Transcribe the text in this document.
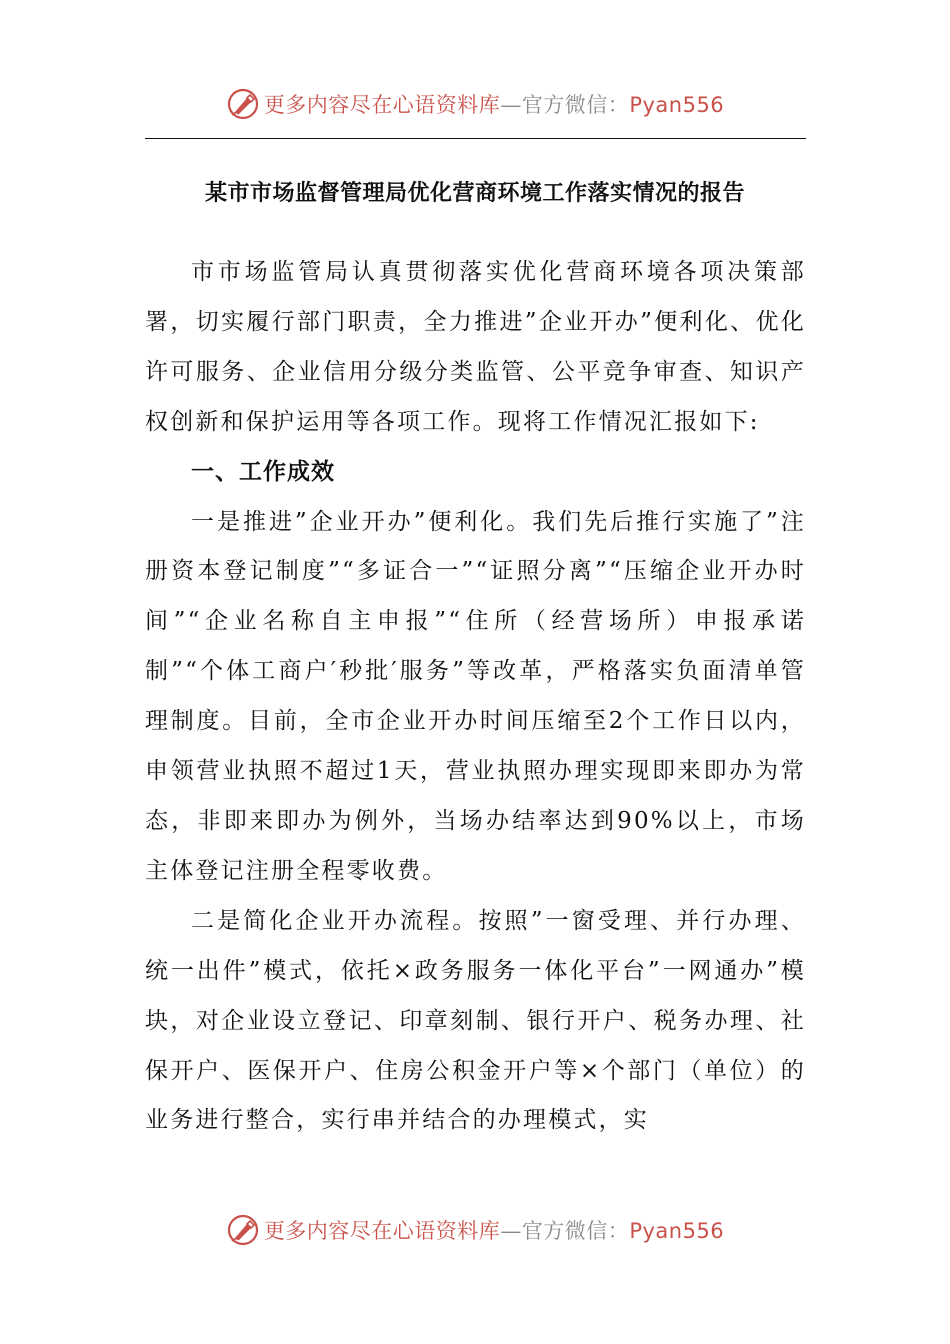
更多内容尽在心语资料库—官方微信：Pyan556
某市市场监督管理局优化营商环境工作落实情况的报告

市市场监管局认真贯彻落实优化营商环境各项决策部署，切实履行部门职责，全力推进”企业开办”便利化、优化许可服务、企业信用分级分类监管、公平竞争审查、知识产权创新和保护运用等各项工作。现将工作情况汇报如下:

一、工作成效

一是推进”企业开办”便利化。我们先后推行实施了”注册资本登记制度”“多证合一”“证照分离”“压缩企业开办时间”“企业名称自主申报”“住所（经营场所）申报承诺制”“个体工商户′秒批′服务”等改革，严格落实负面清单管理制度。目前，全市企业开办时间压缩至2个工作日以内，申领营业执照不超过1天，营业执照办理实现即来即办为常态，非即来即办为例外，当场办结率达到90%以上，市场主体登记注册全程零收费。

二是简化企业开办流程。按照”一窗受理、并行办理、统一出件”模式，依托×政务服务一体化平台”一网通办”模块，对企业设立登记、印章刻制、银行开户、税务办理、社保开户、医保开户、住房公积金开户等×个部门（单位）的业务进行整合，实行串并结合的办理模式，实

更多内容尽在心语资料库—官方微信：Pyan556
